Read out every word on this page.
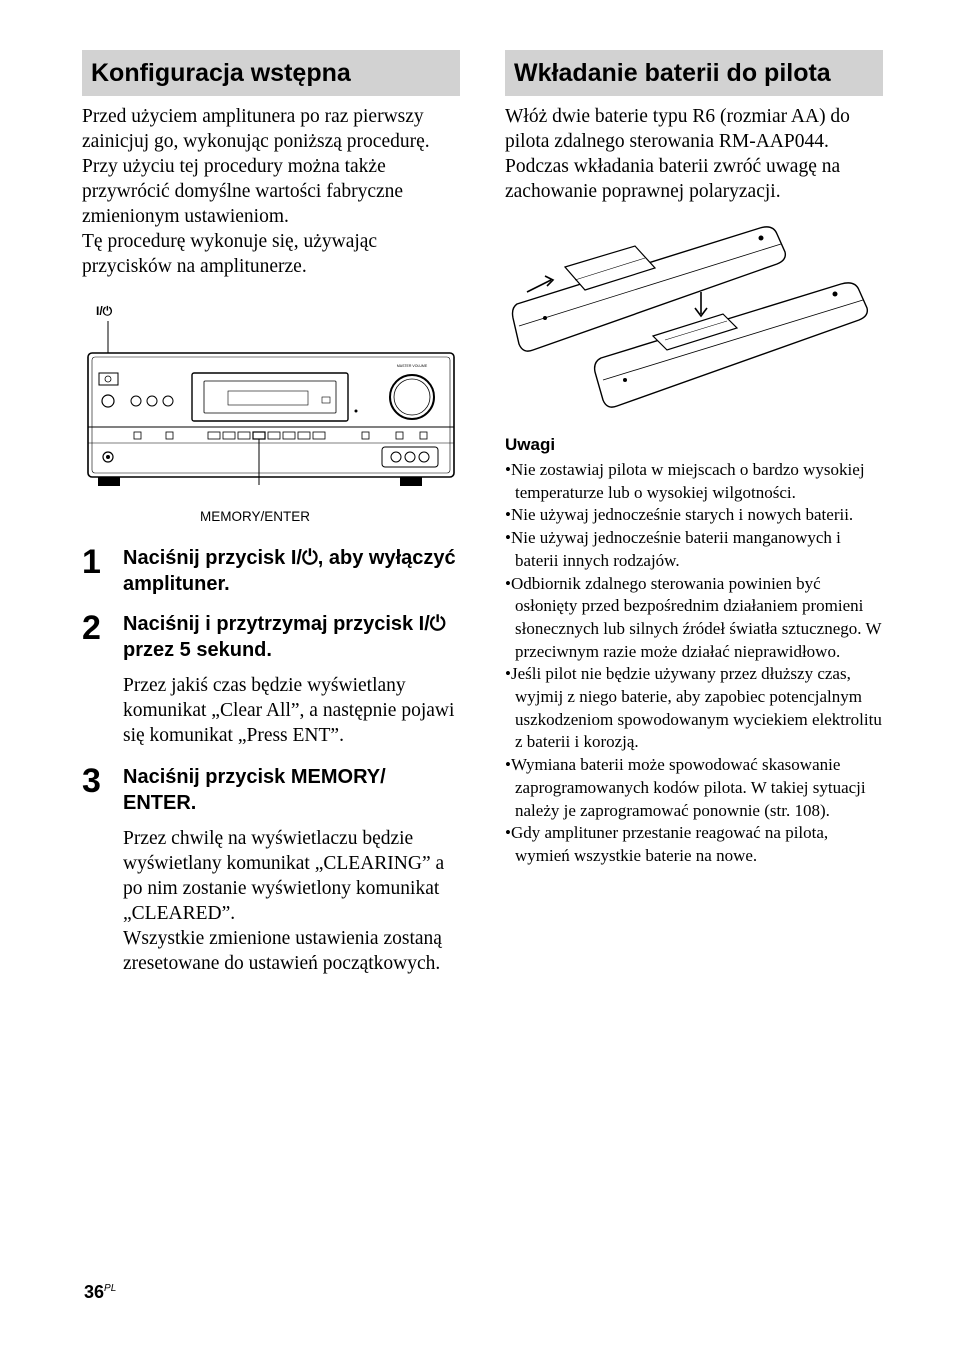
Konfiguracja wstępna

Przed użyciem amplitunera po raz pierwszy zainicjuj go, wykonując poniższą procedurę. Przy użyciu tej procedury można także przywrócić domyślne wartości fabryczne zmienionym ustawieniom.

Tę procedurę wykonuje się, używając przycisków na amplitunerze.

I/⏻
MASTER VOLUME
MEMORY/ENTER
1 Naciśnij przycisk I/⏻, aby wyłączyć amplituner.
2 Naciśnij i przytrzymaj przycisk I/⏻ przez 5 sekund.

Przez jakiś czas będzie wyświetlany komunikat „Clear All”, a następnie pojawi się komunikat „Press ENT”.

3 Naciśnij przycisk MEMORY/ ENTER.

Przez chwilę na wyświetlaczu będzie wyświetlany komunikat „CLEARING” a po nim zostanie wyświetlony komunikat „CLEARED”.

Wszystkie zmienione ustawienia zostaną zresetowane do ustawień początkowych.

Wkładanie baterii do pilota

Włóż dwie baterie typu R6 (rozmiar AA) do pilota zdalnego sterowania RM-AAP044.

Podczas wkładania baterii zwróć uwagę na zachowanie poprawnej polaryzacji.

Uwagi
• Nie zostawiaj pilota w miejscach o bardzo wysokiej temperaturze lub o wysokiej wilgotności.
• Nie używaj jednocześnie starych i nowych baterii.
• Nie używaj jednocześnie baterii manganowych i baterii innych rodzajów.
• Odbiornik zdalnego sterowania powinien być osłonięty przed bezpośrednim działaniem promieni słonecznych lub silnych źródeł światła sztucznego. W przeciwnym razie może działać nieprawidłowo.
• Jeśli pilot nie będzie używany przez dłuższy czas, wyjmij z niego baterie, aby zapobiec potencjalnym uszkodzeniom spowodowanym wyciekiem elektrolitu z baterii i korozją.
• Wymiana baterii może spowodować skasowanie zaprogramowanych kodów pilota. W takiej sytuacji należy je zaprogramować ponownie (str. 108).
• Gdy amplituner przestanie reagować na pilota, wymień wszystkie baterie na nowe.
$36^{PL}$
